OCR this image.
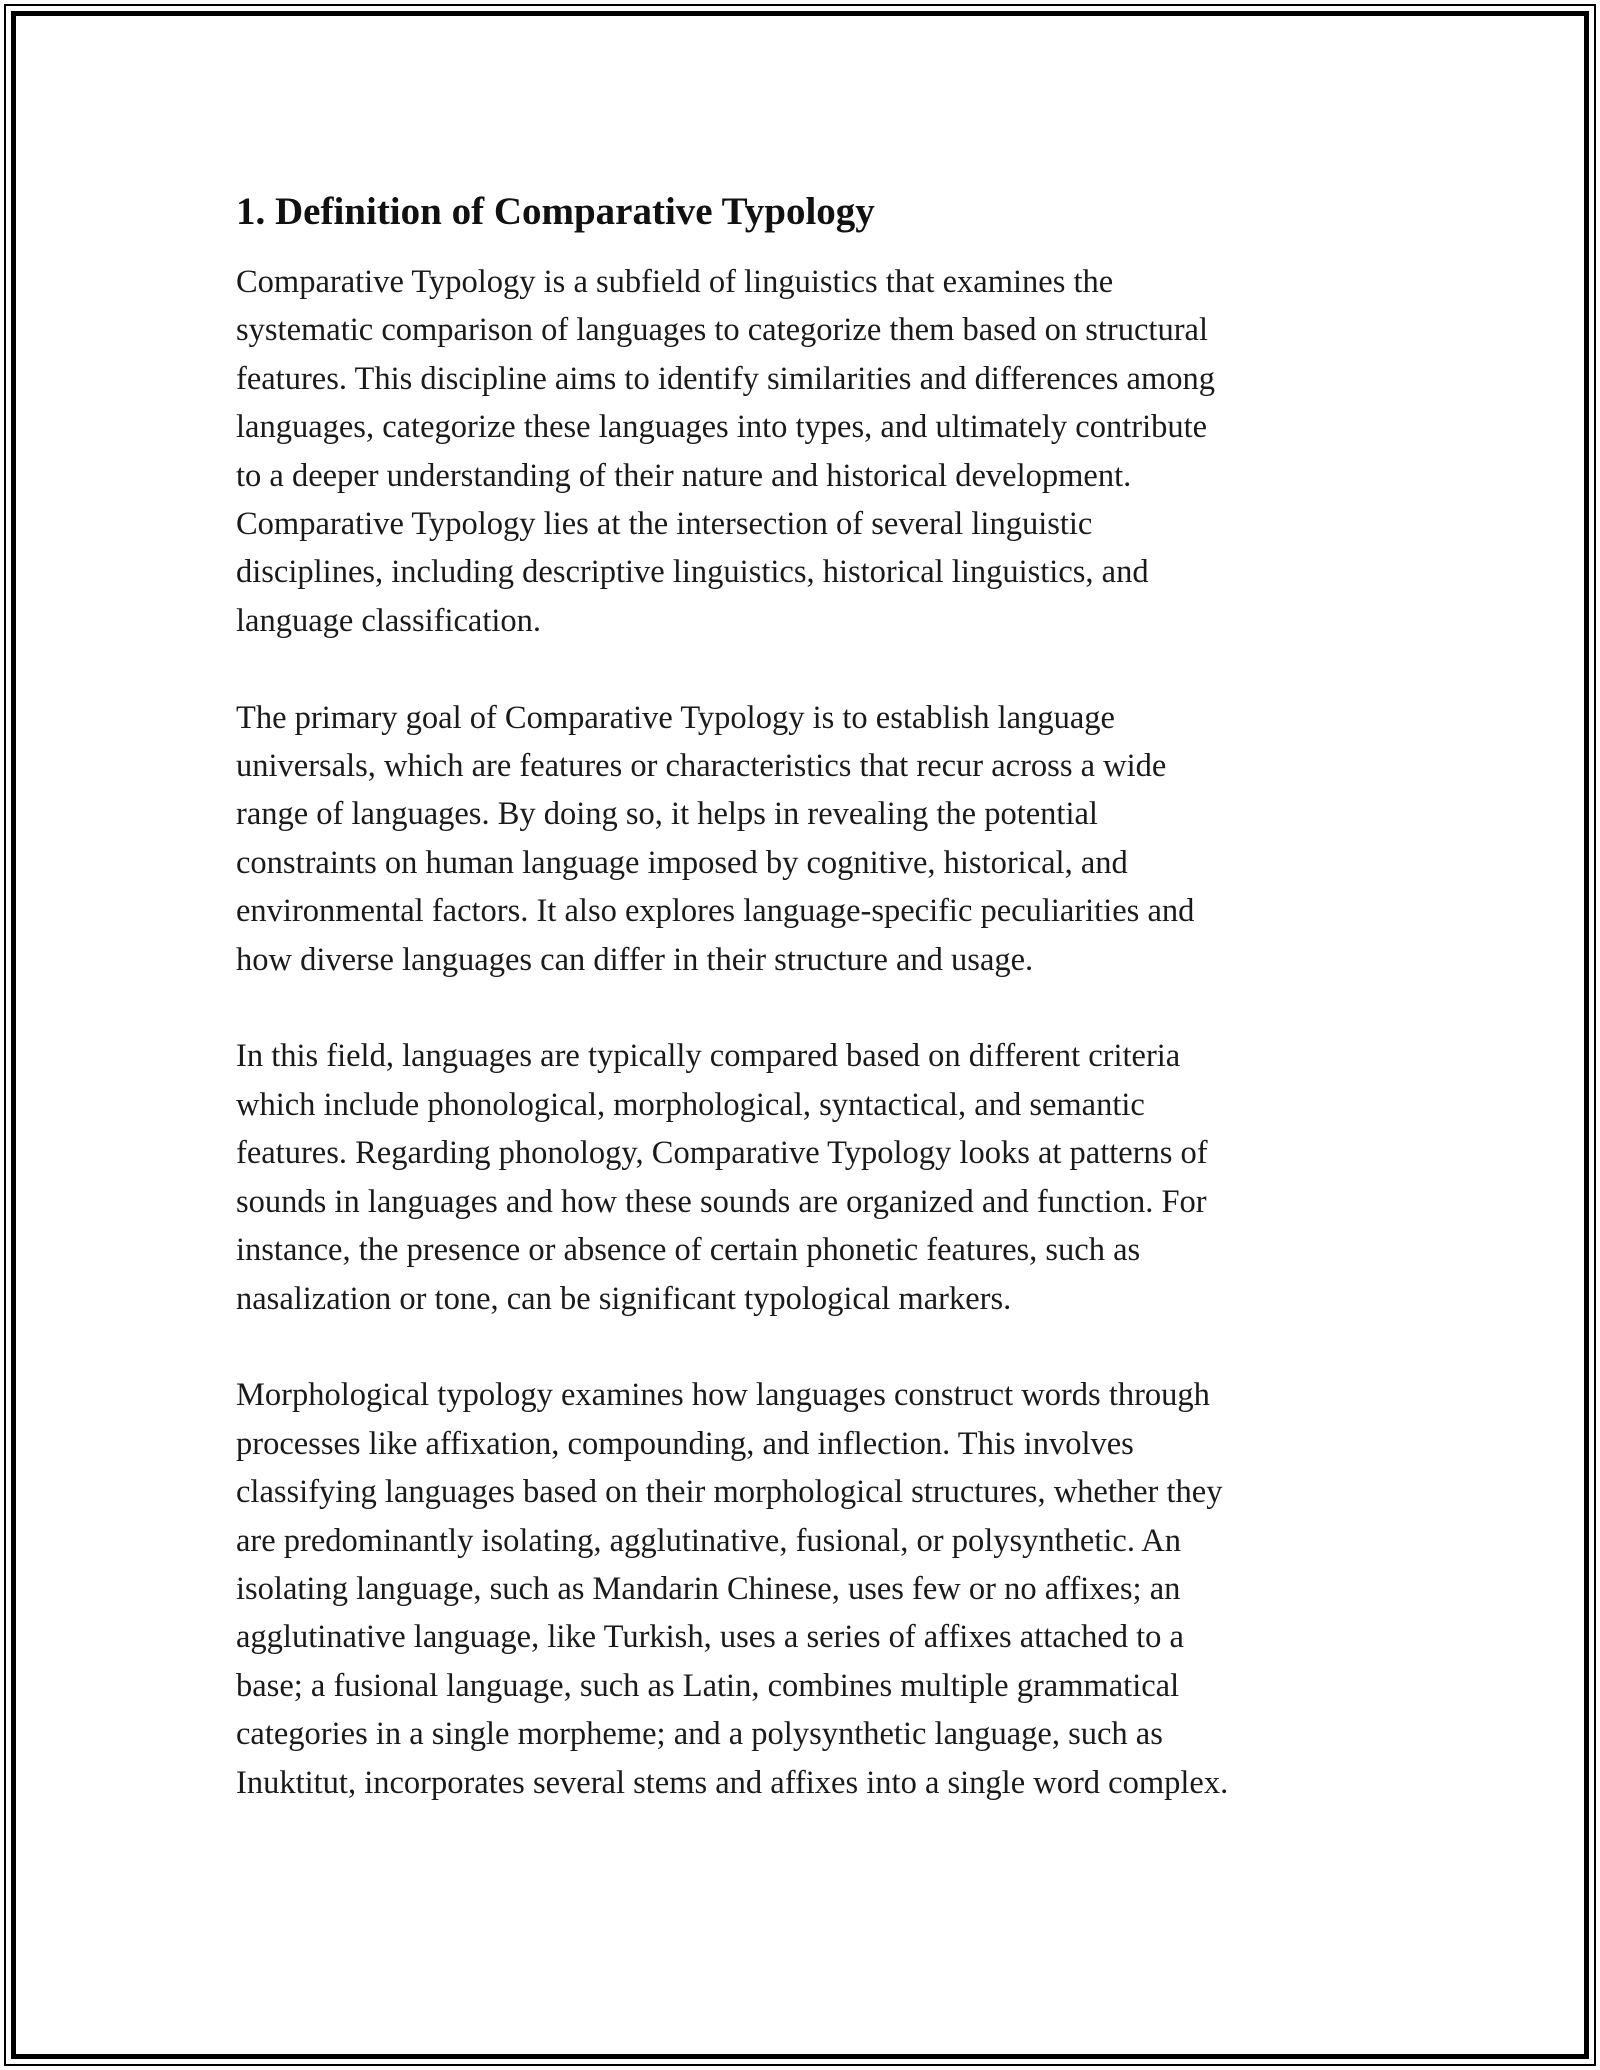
1. Definition of Comparative Typology

Comparative Typology is a subfield of linguistics that examines the
systematic comparison of languages to categorize them based on structural
features. This discipline aims to identify similarities and differences among
languages, categorize these languages into types, and ultimately contribute
to a deeper understanding of their nature and historical development.
Comparative Typology lies at the intersection of several linguistic
disciplines, including descriptive linguistics, historical linguistics, and
language classification.

The primary goal of Comparative Typology is to establish language
universals, which are features or characteristics that recur across a wide
range of languages. By doing so, it helps in revealing the potential
constraints on human language imposed by cognitive, historical, and
environmental factors. It also explores language-specific peculiarities and
how diverse languages can differ in their structure and usage.

In this field, languages are typically compared based on different criteria
which include phonological, morphological, syntactical, and semantic
features. Regarding phonology, Comparative Typology looks at patterns of
sounds in languages and how these sounds are organized and function. For
instance, the presence or absence of certain phonetic features, such as
nasalization or tone, can be significant typological markers.

Morphological typology examines how languages construct words through
processes like affixation, compounding, and inflection. This involves
classifying languages based on their morphological structures, whether they
are predominantly isolating, agglutinative, fusional, or polysynthetic. An
isolating language, such as Mandarin Chinese, uses few or no affixes; an
agglutinative language, like Turkish, uses a series of affixes attached to a
base; a fusional language, such as Latin, combines multiple grammatical
categories in a single morpheme; and a polysynthetic language, such as
Inuktitut, incorporates several stems and affixes into a single word complex.
